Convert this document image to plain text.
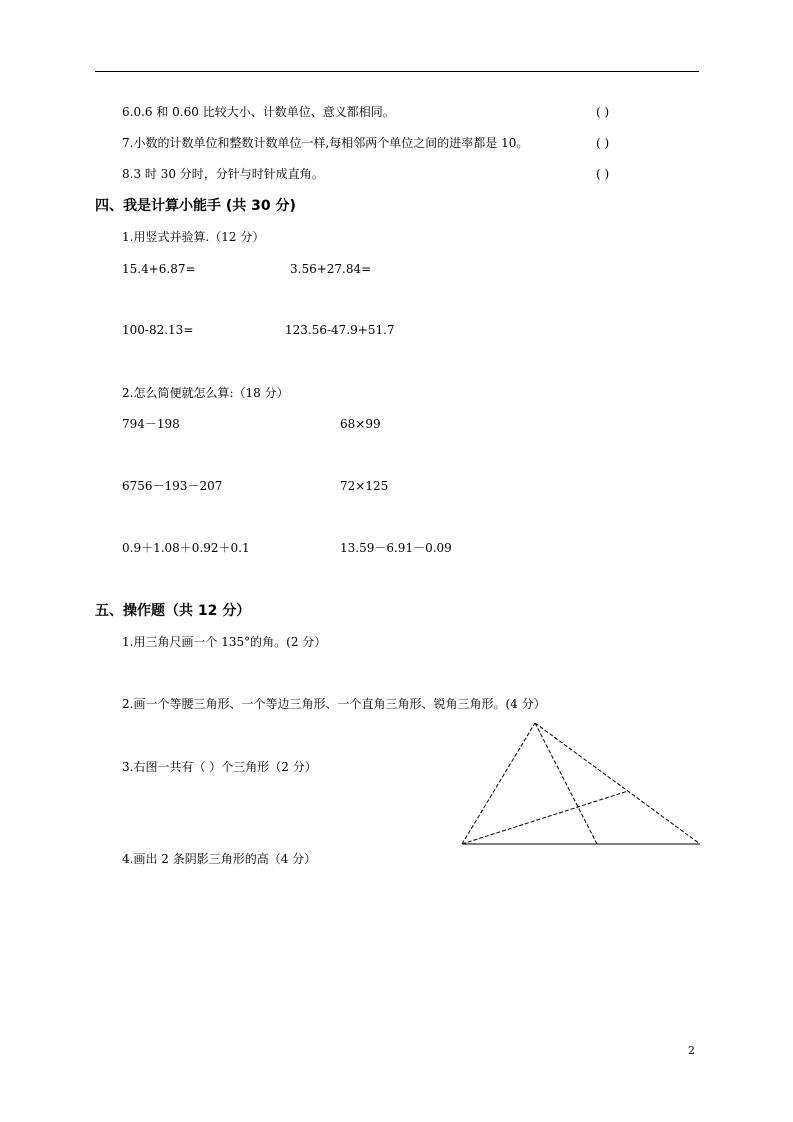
6.0.6 和 0.60 比较大小、计数单位、意义都相同。	( )
7.小数的计数单位和整数计数单位一样,每相邻两个单位之间的进率都是 10。	( )
8.3 时 30 分时，分针与时针成直角。	( )
四、我是计算小能手 (共 30 分)
1.用竖式并验算.（12 分）
15.4+6.87=	3.56+27.84=
100-82.13=	123.56-47.9+51.7
2.怎么简便就怎么算:（18 分）
794－198	68×99
6756－193－207	72×125
0.9＋1.08＋0.92＋0.1	13.59－6.91－0.09
五、操作题（共 12 分）
1.用三角尺画一个 135°的角。(2 分）
2.画一个等腰三角形、一个等边三角形、一个直角三角形、锐角三角形。(4 分）
3.右图一共有（ ）个三角形（2 分）
4.画出 2 条阴影三角形的高（4 分）
2
